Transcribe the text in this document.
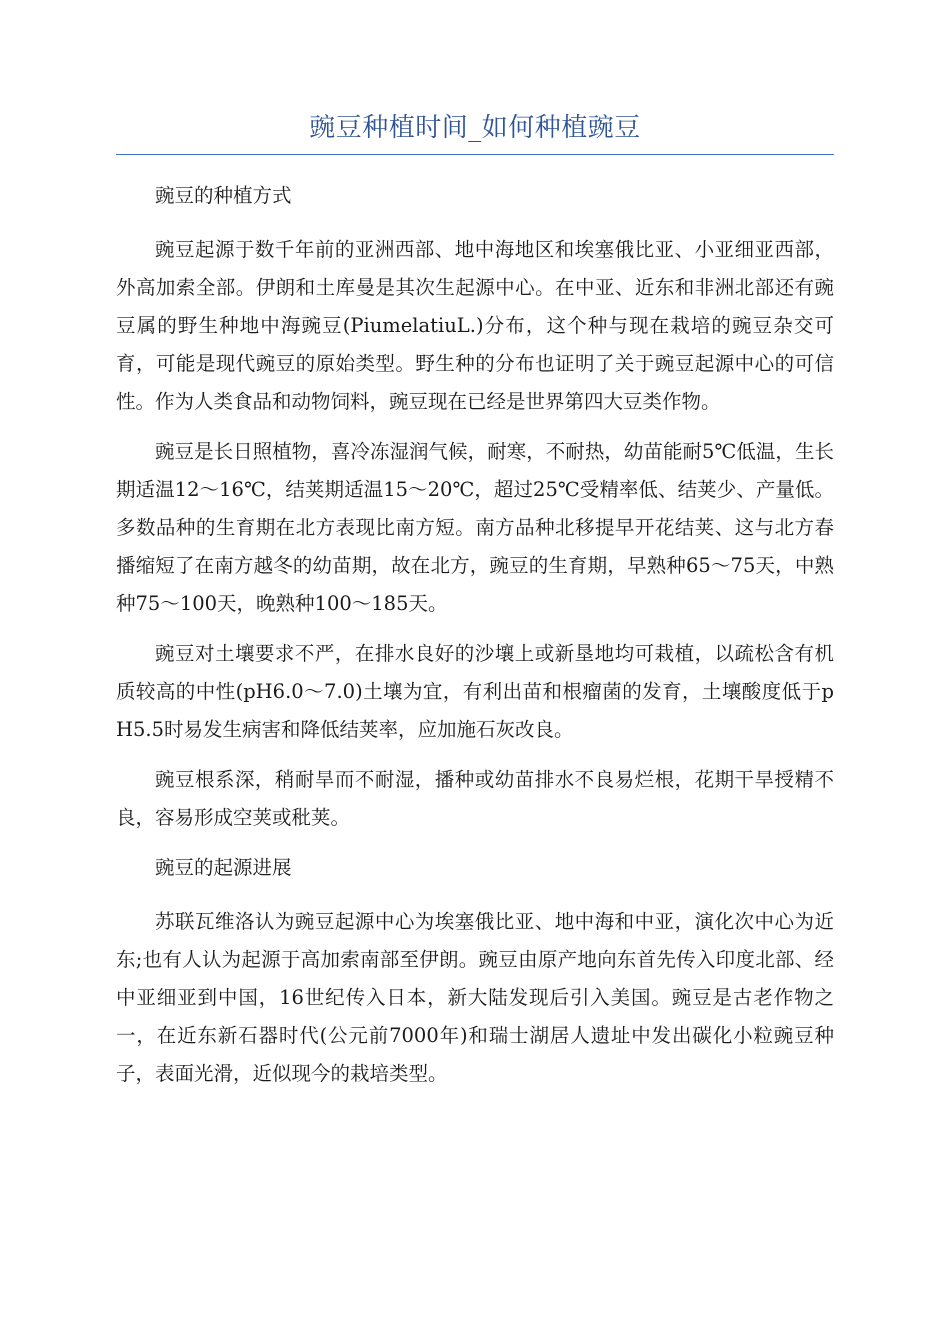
豌豆种植时间_如何种植豌豆

豌豆的种植方式

豌豆起源于数千年前的亚洲西部、地中海地区和埃塞俄比亚、小亚细亚西部，外高加索全部。伊朗和土库曼是其次生起源中心。在中亚、近东和非洲北部还有豌豆属的野生种地中海豌豆(PiumelatiuL.)分布，这个种与现在栽培的豌豆杂交可育，可能是现代豌豆的原始类型。野生种的分布也证明了关于豌豆起源中心的可信性。作为人类食品和动物饲料，豌豆现在已经是世界第四大豆类作物。

豌豆是长日照植物，喜冷冻湿润气候，耐寒，不耐热，幼苗能耐5℃低温，生长期适温12～16℃，结荚期适温15～20℃，超过25℃受精率低、结荚少、产量低。多数品种的生育期在北方表现比南方短。南方品种北移提早开花结荚、这与北方春播缩短了在南方越冬的幼苗期，故在北方，豌豆的生育期，早熟种65～75天，中熟种75～100天，晚熟种100～185天。

豌豆对土壤要求不严，在排水良好的沙壤上或新垦地均可栽植，以疏松含有机质较高的中性(pH6.0～7.0)土壤为宜，有利出苗和根瘤菌的发育，土壤酸度低于pH5.5时易发生病害和降低结荚率，应加施石灰改良。

豌豆根系深，稍耐旱而不耐湿，播种或幼苗排水不良易烂根，花期干旱授精不良，容易形成空荚或秕荚。

豌豆的起源进展

苏联瓦维洛认为豌豆起源中心为埃塞俄比亚、地中海和中亚，演化次中心为近东;也有人认为起源于高加索南部至伊朗。豌豆由原产地向东首先传入印度北部、经中亚细亚到中国，16世纪传入日本，新大陆发现后引入美国。豌豆是古老作物之一，在近东新石器时代(公元前7000年)和瑞士湖居人遗址中发出碳化小粒豌豆种子，表面光滑，近似现今的栽培类型。
